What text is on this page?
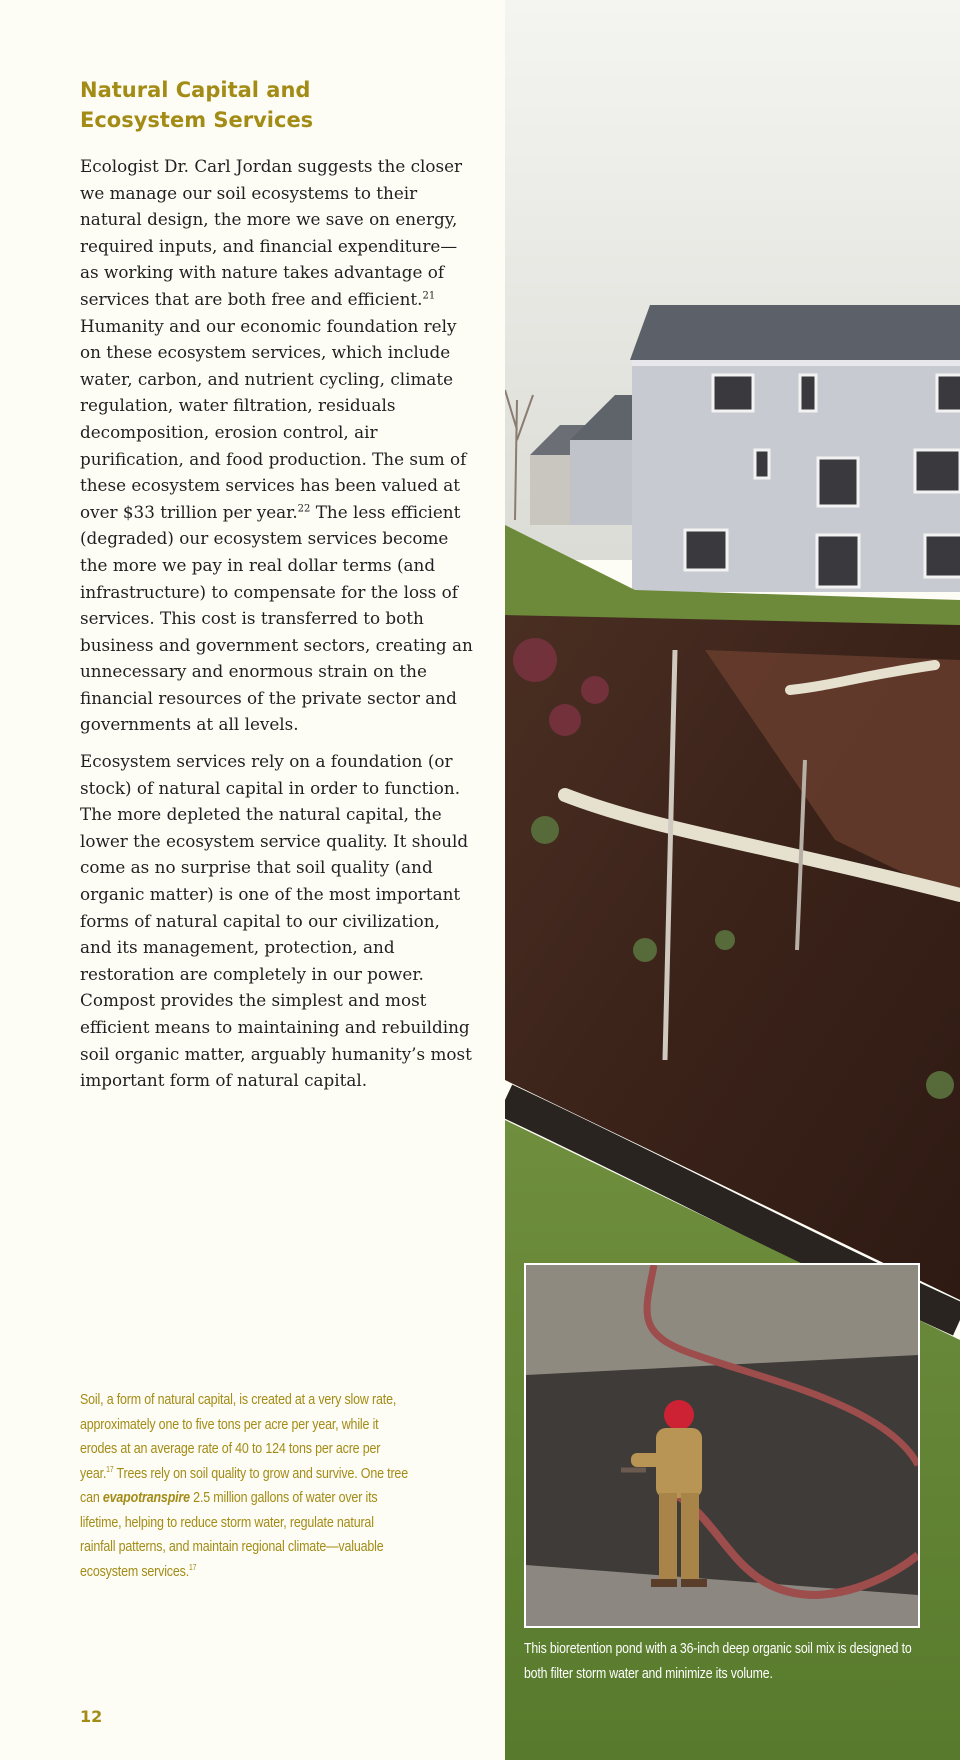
Natural Capital and Ecosystem Services

Ecologist Dr. Carl Jordan suggests the closer we manage our soil ecosystems to their natural design, the more we save on energy, required inputs, and financial expenditure—as working with nature takes advantage of services that are both free and efficient.$^{21}$ Humanity and our economic foundation rely on these ecosystem services, which include water, carbon, and nutrient cycling, climate regulation, water filtration, residuals decomposition, erosion control, air purification, and food production. The sum of these ecosystem services has been valued at over $33 trillion per year.$^{22}$ The less efficient (degraded) our ecosystem services become the more we pay in real dollar terms (and infrastructure) to compensate for the loss of services. This cost is transferred to both business and government sectors, creating an unnecessary and enormous strain on the financial resources of the private sector and governments at all levels.

Ecosystem services rely on a foundation (or stock) of natural capital in order to function. The more depleted the natural capital, the lower the ecosystem service quality. It should come as no surprise that soil quality (and organic matter) is one of the most important forms of natural capital to our civilization, and its management, protection, and restoration are completely in our power. Compost provides the simplest and most efficient means to maintaining and rebuilding soil organic matter, arguably humanity’s most important form of natural capital.

Soil, a form of natural capital, is created at a very slow rate, approximately one to five tons per acre per year, while it erodes at an average rate of 40 to 124 tons per acre per year.$^{17}$ Trees rely on soil quality to grow and survive. One tree can evapotranspire 2.5 million gallons of water over its lifetime, helping to reduce storm water, regulate natural rainfall patterns, and maintain regional climate—valuable ecosystem services.$^{17}$

12

This bioretention pond with a 36-inch deep organic soil mix is designed to both filter storm water and minimize its volume.
